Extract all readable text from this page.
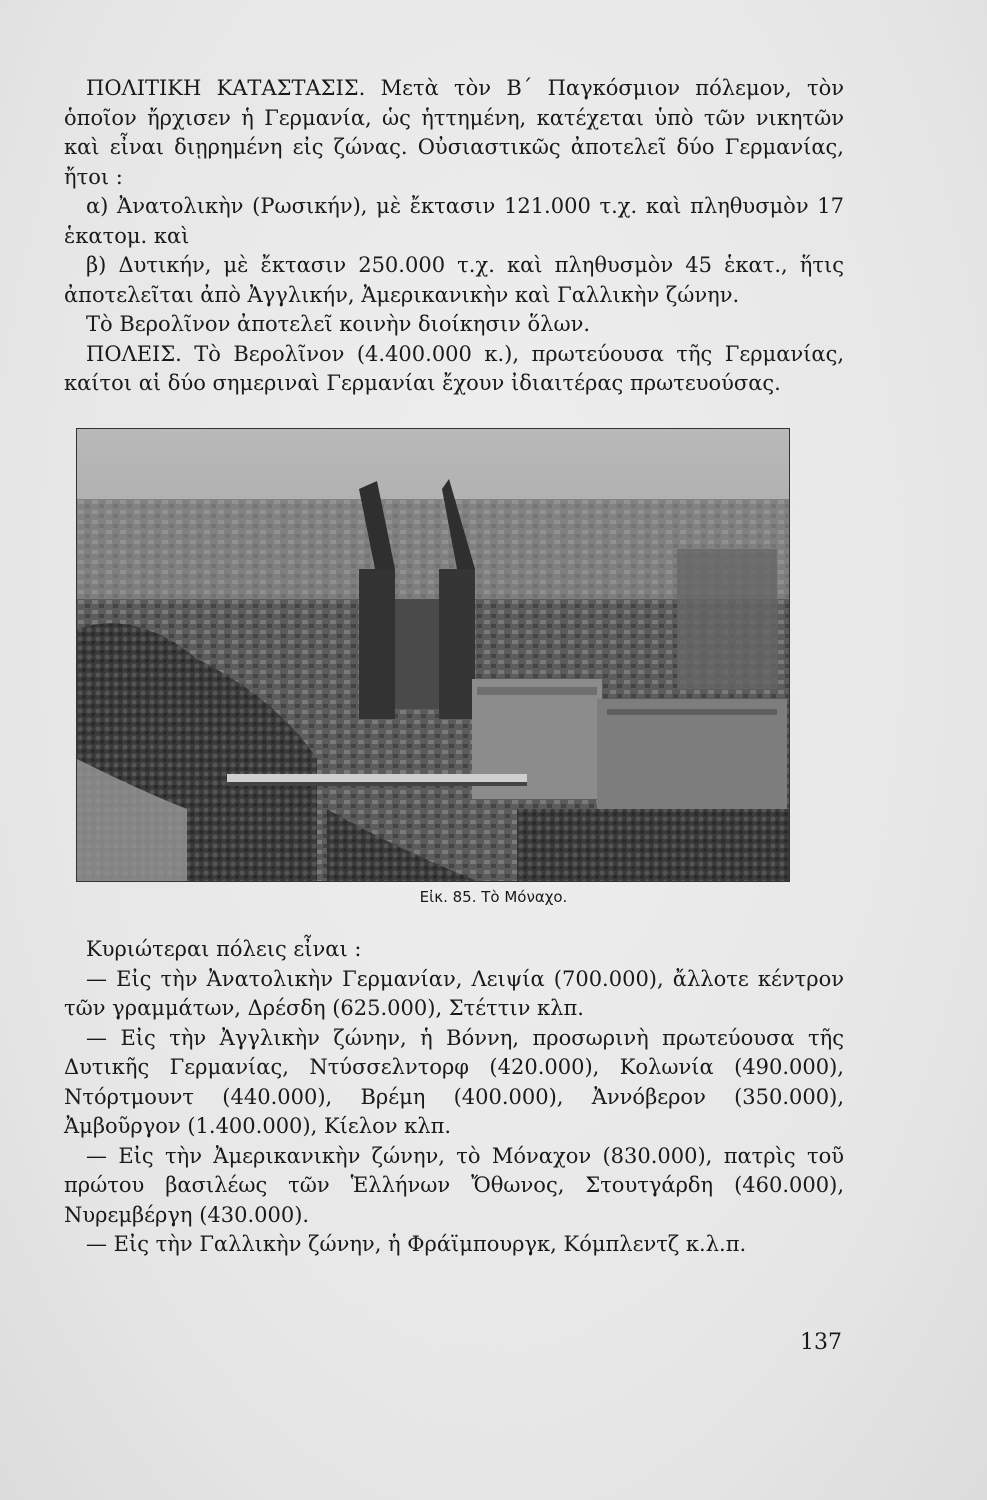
ΠΟΛΙΤΙΚΗ ΚΑΤΑΣΤΑΣΙΣ. Μετὰ τὸν Β΄ Παγκόσμιον πόλεμον, τὸν ὁποῖον ἤρχισεν ἡ Γερμανία, ὡς ἡττημένη, κατέχεται ὑπὸ τῶν νικητῶν καὶ εἶναι διῃρημένη εἰς ζώνας. Οὐσιαστικῶς ἀποτελεῖ δύο Γερμανίας, ἤτοι :

α) Ἀνατολικὴν (Ρωσικήν), μὲ ἔκτασιν 121.000 τ.χ. καὶ πληθυσμὸν 17 ἑκατομ. καὶ

β) Δυτικήν, μὲ ἔκτασιν 250.000 τ.χ. καὶ πληθυσμὸν 45 ἑκατ., ἥτις ἀποτελεῖται ἀπὸ Ἀγγλικήν, Ἀμερικανικὴν καὶ Γαλλικὴν ζώνην.

Τὸ Βερολῖνον ἀποτελεῖ κοινὴν διοίκησιν ὅλων.

ΠΟΛΕΙΣ. Τὸ Βερολῖνον (4.400.000 κ.), πρωτεύουσα τῆς Γερμανίας, καίτοι αἱ δύο σημεριναὶ Γερμανίαι ἔχουν ἰδιαιτέρας πρωτευούσας.

Εἰκ. 85. Τὸ Μόναχο.

Κυριώτεραι πόλεις εἶναι :

— Εἰς τὴν Ἀνατολικὴν Γερμανίαν, Λειψία (700.000), ἄλλοτε κέντρον τῶν γραμμάτων, Δρέσδη (625.000), Στέττιν κλπ.

— Εἰς τὴν Ἀγγλικὴν ζώνην, ἡ Βόννη, προσωρινὴ πρωτεύουσα τῆς Δυτικῆς Γερμανίας, Ντύσσελντορφ (420.000), Κολωνία (490.000), Ντόρτμουντ (440.000), Βρέμη (400.000), Ἀννόβερον (350.000), Ἀμβοῦργον (1.400.000), Κίελον κλπ.

— Εἰς τὴν Ἀμερικανικὴν ζώνην, τὸ Μόναχον (830.000), πατρὶς τοῦ πρώτου βασιλέως τῶν Ἑλλήνων Ὄθωνος, Στουτγάρδη (460.000), Νυρεμβέργη (430.000).

— Εἰς τὴν Γαλλικὴν ζώνην, ἡ Φράϊμπουργκ, Κόμπλεντζ κ.λ.π.

137
